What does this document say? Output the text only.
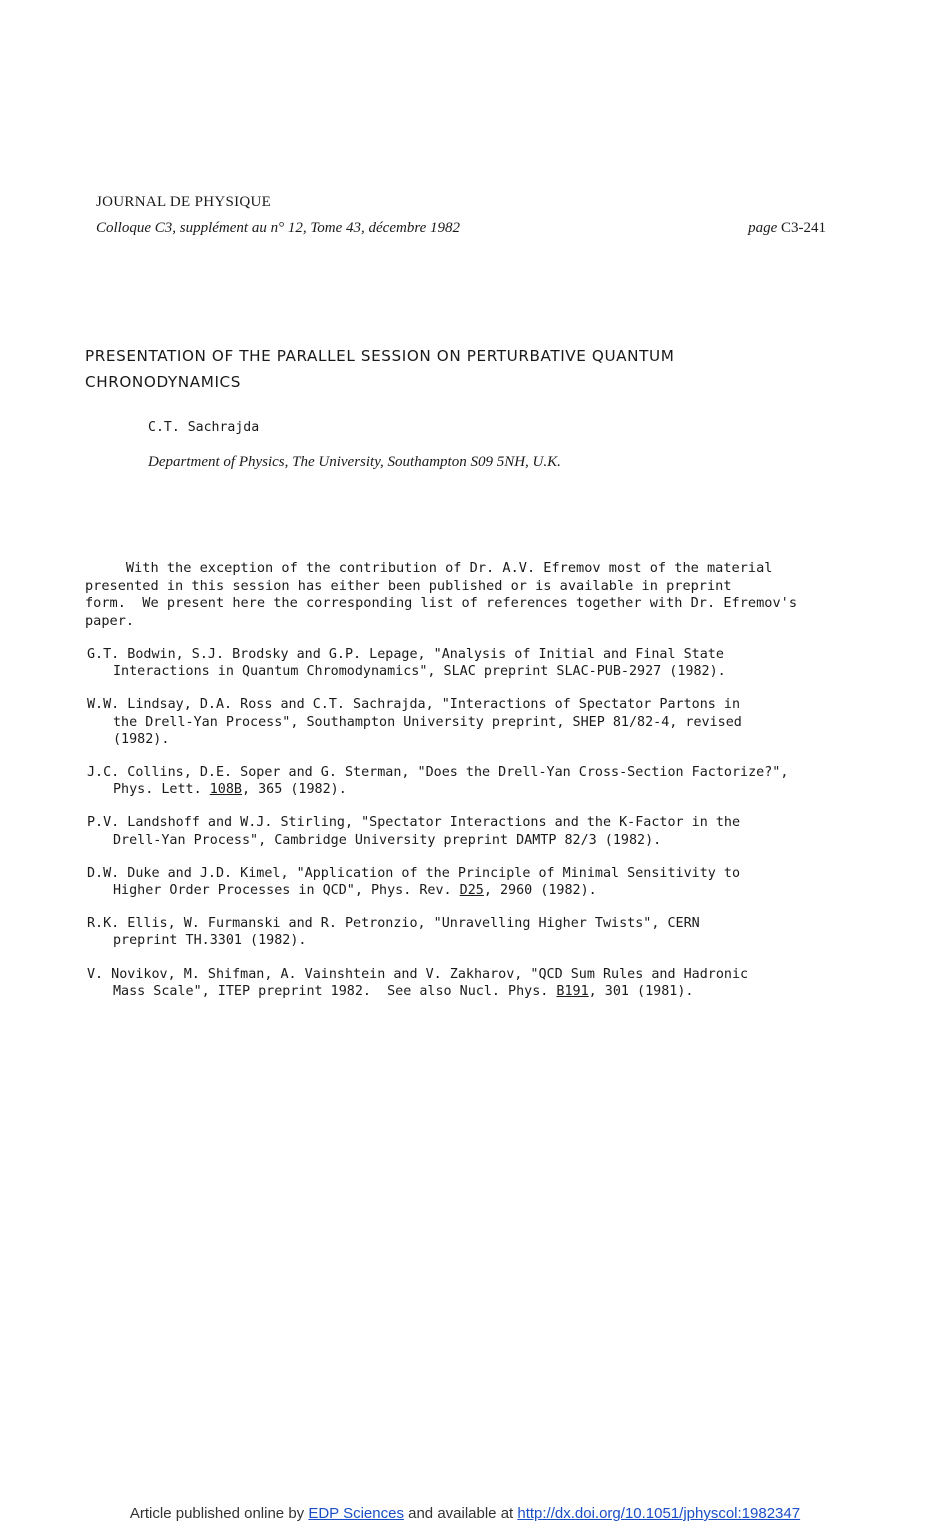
JOURNAL DE PHYSIQUE
Colloque C3, supplément au n° 12, Tome 43, décembre 1982	page C3-241
PRESENTATION OF THE PARALLEL SESSION ON PERTURBATIVE QUANTUM
CHRONODYNAMICS
C.T. Sachrajda
Department of Physics, The University, Southampton S09 5NH, U.K.
With the exception of the contribution of Dr. A.V. Efremov most of the material
presented in this session has either been published or is available in preprint
form.  We present here the corresponding list of references together with Dr. Efremov's
paper.
G.T. Bodwin, S.J. Brodsky and G.P. Lepage, "Analysis of Initial and Final State
Interactions in Quantum Chromodynamics", SLAC preprint SLAC-PUB-2927 (1982).
W.W. Lindsay, D.A. Ross and C.T. Sachrajda, "Interactions of Spectator Partons in
the Drell-Yan Process", Southampton University preprint, SHEP 81/82-4, revised
(1982).
J.C. Collins, D.E. Soper and G. Sterman, "Does the Drell-Yan Cross-Section Factorize?",
Phys. Lett. 108B, 365 (1982).
P.V. Landshoff and W.J. Stirling, "Spectator Interactions and the K-Factor in the
Drell-Yan Process", Cambridge University preprint DAMTP 82/3 (1982).
D.W. Duke and J.D. Kimel, "Application of the Principle of Minimal Sensitivity to
Higher Order Processes in QCD", Phys. Rev. D25, 2960 (1982).
R.K. Ellis, W. Furmanski and R. Petronzio, "Unravelling Higher Twists", CERN
preprint TH.3301 (1982).
V. Novikov, M. Shifman, A. Vainshtein and V. Zakharov, "QCD Sum Rules and Hadronic
Mass Scale", ITEP preprint 1982.  See also Nucl. Phys. B191, 301 (1981).
Article published online by EDP Sciences and available at http://dx.doi.org/10.1051/jphyscol:1982347
